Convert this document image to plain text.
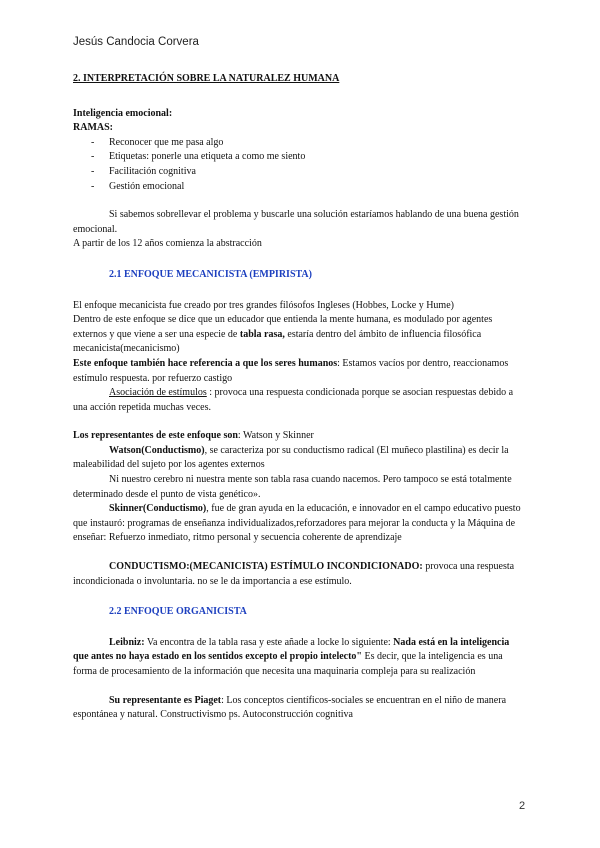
Jesús Candocia Corvera

2. INTERPRETACIÓN SOBRE LA NATURALEZ HUMANA

Inteligencia emocional:

RAMAS:

- Reconocer que me pasa algo
- Etiquetas: ponerle una etiqueta a como me siento
- Facilitación cognitiva
- Gestión emocional

Si sabemos sobrellevar el problema y buscarle una solución estaríamos hablando de una buena gestión emocional.

A partir de los 12 años comienza la abstracción

2.1 ENFOQUE MECANICISTA (EMPIRISTA)

El enfoque mecanicista fue creado por tres grandes filósofos Ingleses (Hobbes, Locke y Hume)

Dentro de este enfoque se dice que un educador que entienda la mente humana, es modulado por agentes externos y que viene a ser una especie de tabla rasa, estaría dentro del ámbito de influencia filosófica mecanicista(mecanicismo)

Este enfoque también hace referencia a que los seres humanos: Estamos vacíos por dentro, reaccionamos estímulo respuesta. por refuerzo castigo

Asociación de estímulos : provoca una respuesta condicionada porque se asocian respuestas debido a una acción repetida muchas veces.

Los representantes de este enfoque son: Watson y Skinner

Watson(Conductismo), se caracteriza por su conductismo radical (El muñeco plastilina) es decir la maleabilidad del sujeto por los agentes externos

Ni nuestro cerebro ni nuestra mente son tabla rasa cuando nacemos. Pero tampoco se está totalmente determinado desde el punto de vista genético».

Skinner(Conductismo), fue de gran ayuda en la educación, e innovador en el campo educativo puesto que instauró: programas de enseñanza individualizados,reforzadores para mejorar la conducta y la Máquina de enseñar: Refuerzo inmediato, ritmo personal y secuencia coherente de aprendizaje

CONDUCTISMO:(MECANICISTA) ESTÍMULO INCONDICIONADO: provoca una respuesta incondicionada o involuntaria. no se le da importancia a ese estímulo.

2.2 ENFOQUE ORGANICISTA

Leibniz: Va encontra de la tabla rasa y este añade a locke lo siguiente: Nada está en la inteligencia que antes no haya estado en los sentidos excepto el propio intelecto" Es decir, que la inteligencia es una forma de procesamiento de la información que necesita una maquinaria compleja para su realización

Su representante es Piaget: Los conceptos científicos-sociales se encuentran en el niño de manera espontánea y natural. Constructivismo ps. Autoconstrucción cognitiva

2
